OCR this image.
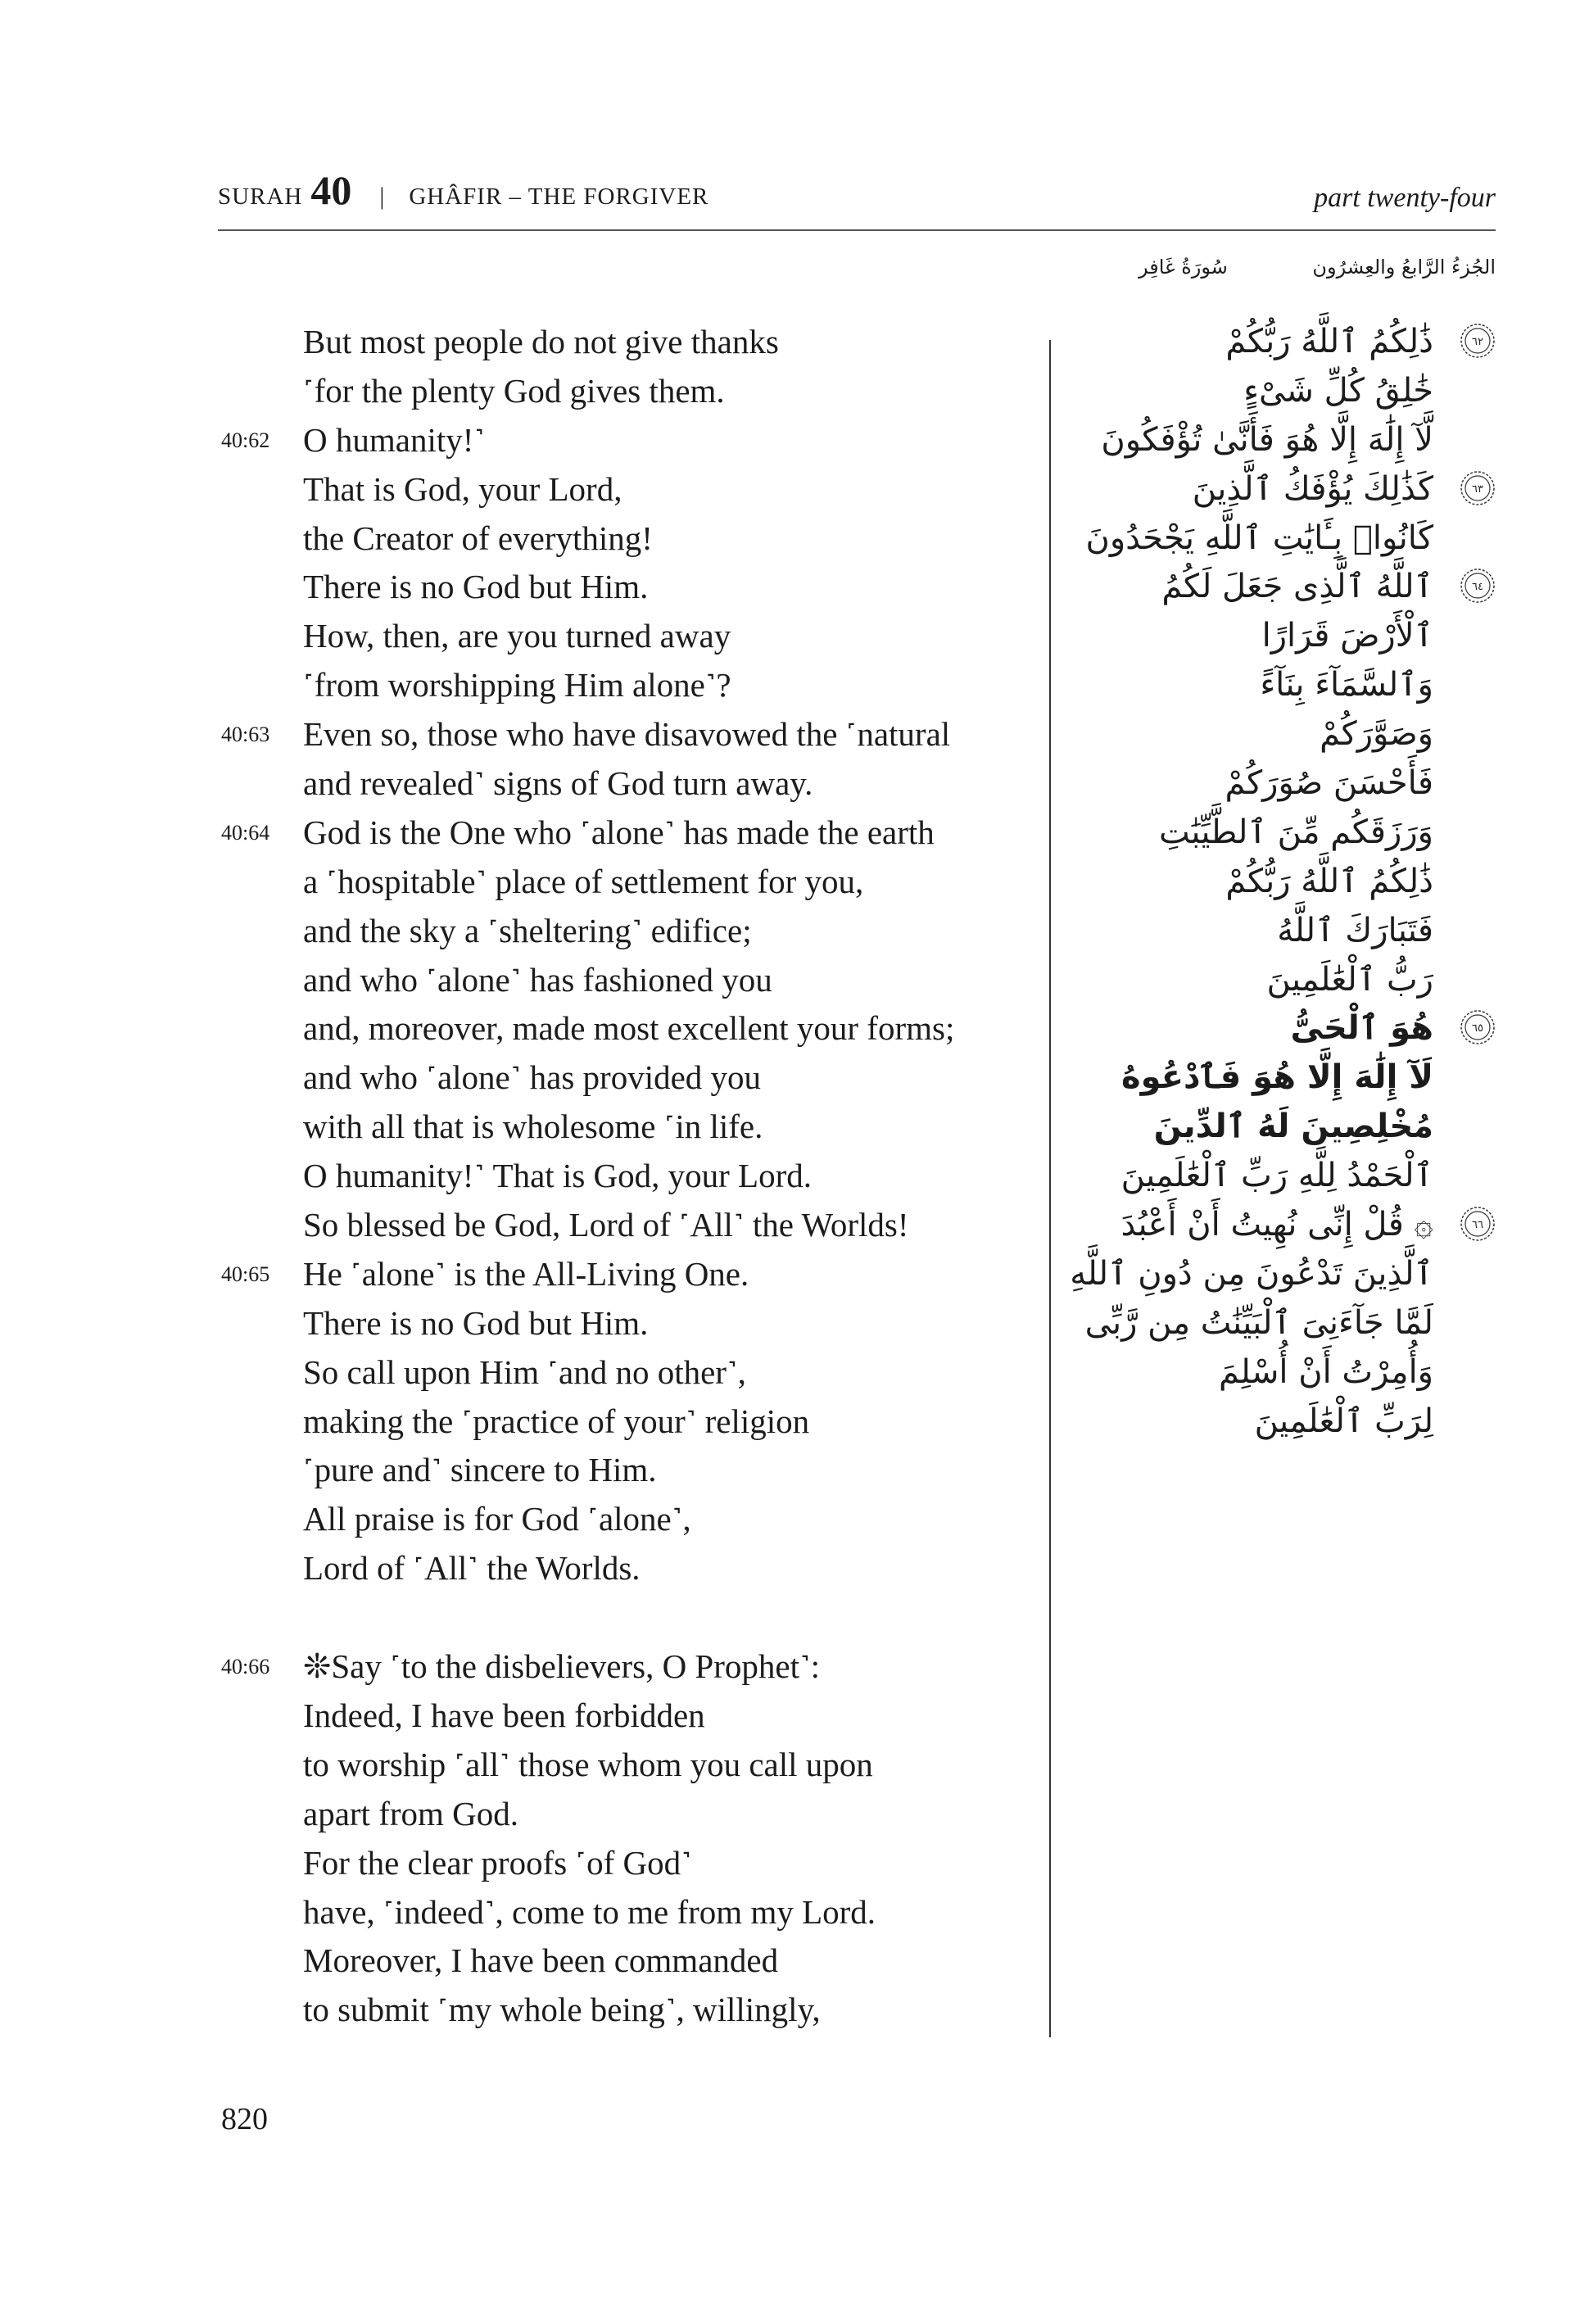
SURAH 40 | GHÂFIR – THE FORGIVER	part twenty-four
الجُزءُ الرَّابعُ والعِشرُون
سُورَةُ غَافِر
But most people do not give thanks
˹for the plenty God gives them.
40:62 O humanity!˺
That is God, your Lord,
the Creator of everything!
There is no God but Him.
How, then, are you turned away
˹from worshipping Him alone˺?
40:63 Even so, those who have disavowed the ˹natural
and revealed˺ signs of God turn away.
40:64 God is the One who ˹alone˺ has made the earth
a ˹hospitable˺ place of settlement for you,
and the sky a ˹sheltering˺ edifice;
and who ˹alone˺ has fashioned you
and, moreover, made most excellent your forms;
and who ˹alone˺ has provided you
with all that is wholesome ˹in life.
O humanity!˺ That is God, your Lord.
So blessed be God, Lord of ˹All˺ the Worlds!
40:65 He ˹alone˺ is the All-Living One.
There is no God but Him.
So call upon Him ˹and no other˺,
making the ˹practice of your˺ religion
˹pure and˺ sincere to Him.
All praise is for God ˹alone˺,
Lord of ˹All˺ the Worlds.
40:66 ❊Say ˹to the disbelievers, O Prophet˺:
Indeed, I have been forbidden
to worship ˹all˺ those whom you call upon
apart from God.
For the clear proofs ˹of God˺
have, ˹indeed˺, come to me from my Lord.
Moreover, I have been commanded
to submit ˹my whole being˺, willingly,
٦٢
ذَٰلِكُمُ ٱللَّهُ رَبُّكُمْ
خَٰلِقُ كُلِّ شَىْءٍ
لَّآ إِلَٰهَ إِلَّا هُوَ فَأَنَّىٰ تُؤْفَكُونَ
٦٣
كَذَٰلِكَ يُؤْفَكُ ٱلَّذِينَ
كَانُوا۟ بِـَٔايَٰتِ ٱللَّهِ يَجْحَدُونَ
٦٤
ٱللَّهُ ٱلَّذِى جَعَلَ لَكُمُ
ٱلْأَرْضَ قَرَارًا
وَٱلسَّمَآءَ بِنَآءً
وَصَوَّرَكُمْ
فَأَحْسَنَ صُوَرَكُمْ
وَرَزَقَكُم مِّنَ ٱلطَّيِّبَٰتِ
ذَٰلِكُمُ ٱللَّهُ رَبُّكُمْ
فَتَبَارَكَ ٱللَّهُ
رَبُّ ٱلْعَٰلَمِينَ
٦٥
هُوَ ٱلْحَىُّ
لَآ إِلَٰهَ إِلَّا هُوَ فَٱدْعُوهُ
مُخْلِصِينَ لَهُ ٱلدِّينَ
ٱلْحَمْدُ لِلَّهِ رَبِّ ٱلْعَٰلَمِينَ
٦٦
۞ قُلْ إِنِّى نُهِيتُ أَنْ أَعْبُدَ
ٱلَّذِينَ تَدْعُونَ مِن دُونِ ٱللَّهِ
لَمَّا جَآءَنِىَ ٱلْبَيِّنَٰتُ مِن رَّبِّى
وَأُمِرْتُ أَنْ أُسْلِمَ
لِرَبِّ ٱلْعَٰلَمِينَ
820
